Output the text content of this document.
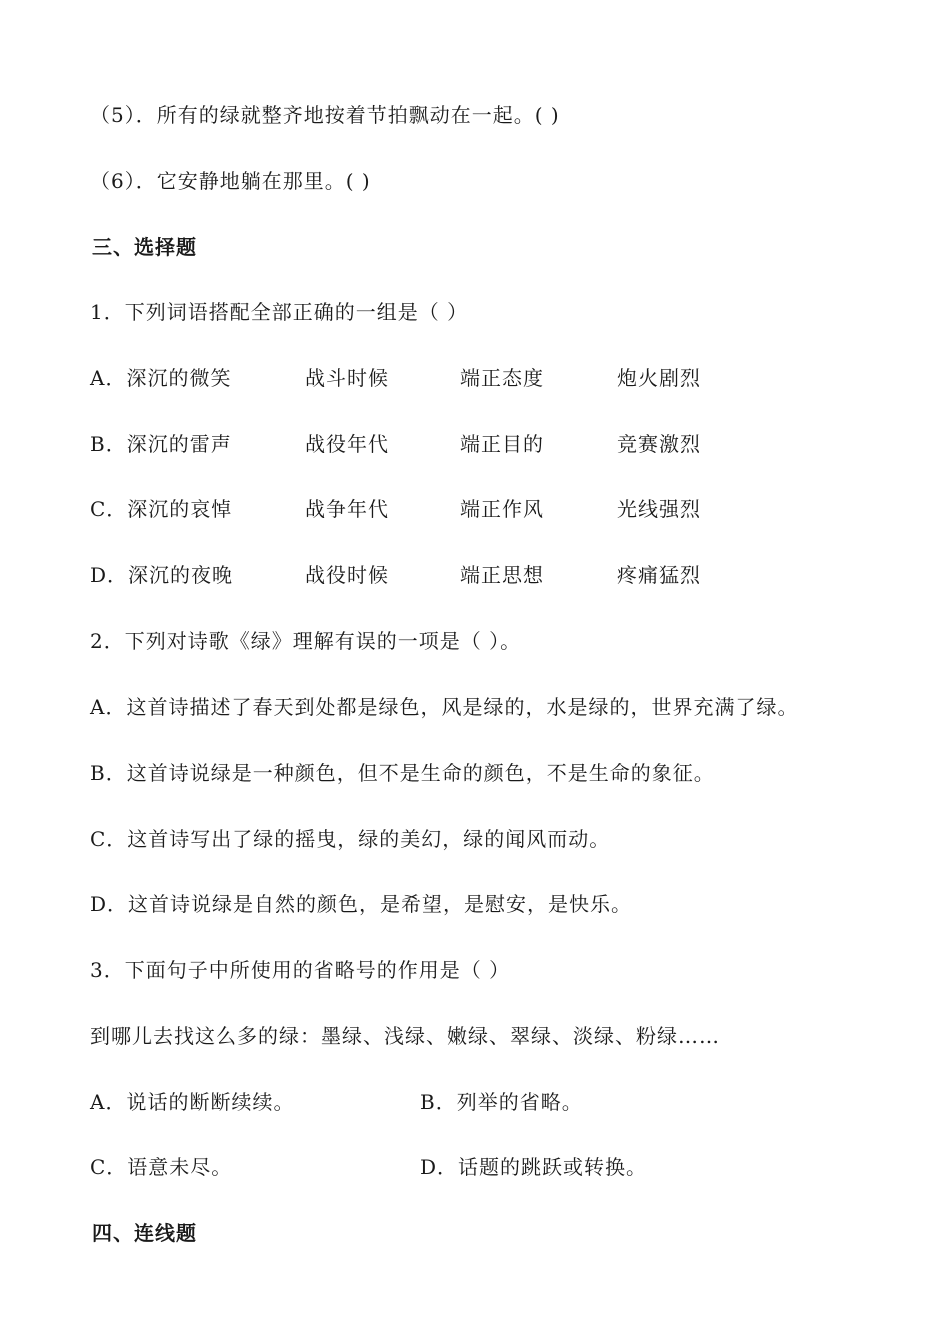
（5）．所有的绿就整齐地按着节拍飘动在一起。( )
（6）．它安静地躺在那里。( )
三、选择题
1．下列词语搭配全部正确的一组是（ ）
A．深沉的微笑	战斗时候	端正态度	炮火剧烈
B．深沉的雷声	战役年代	端正目的	竞赛激烈
C．深沉的哀悼	战争年代	端正作风	光线强烈
D．深沉的夜晚	战役时候	端正思想	疼痛猛烈
2．下列对诗歌《绿》理解有误的一项是（ ）。
A．这首诗描述了春天到处都是绿色，风是绿的，水是绿的，世界充满了绿。
B．这首诗说绿是一种颜色，但不是生命的颜色，不是生命的象征。
C．这首诗写出了绿的摇曳，绿的美幻，绿的闻风而动。
D．这首诗说绿是自然的颜色，是希望，是慰安，是快乐。
3．下面句子中所使用的省略号的作用是（ ）
到哪儿去找这么多的绿：墨绿、浅绿、嫩绿、翠绿、淡绿、粉绿……
A．说话的断断续续。	B．列举的省略。
C．语意未尽。	D．话题的跳跃或转换。
四、连线题
